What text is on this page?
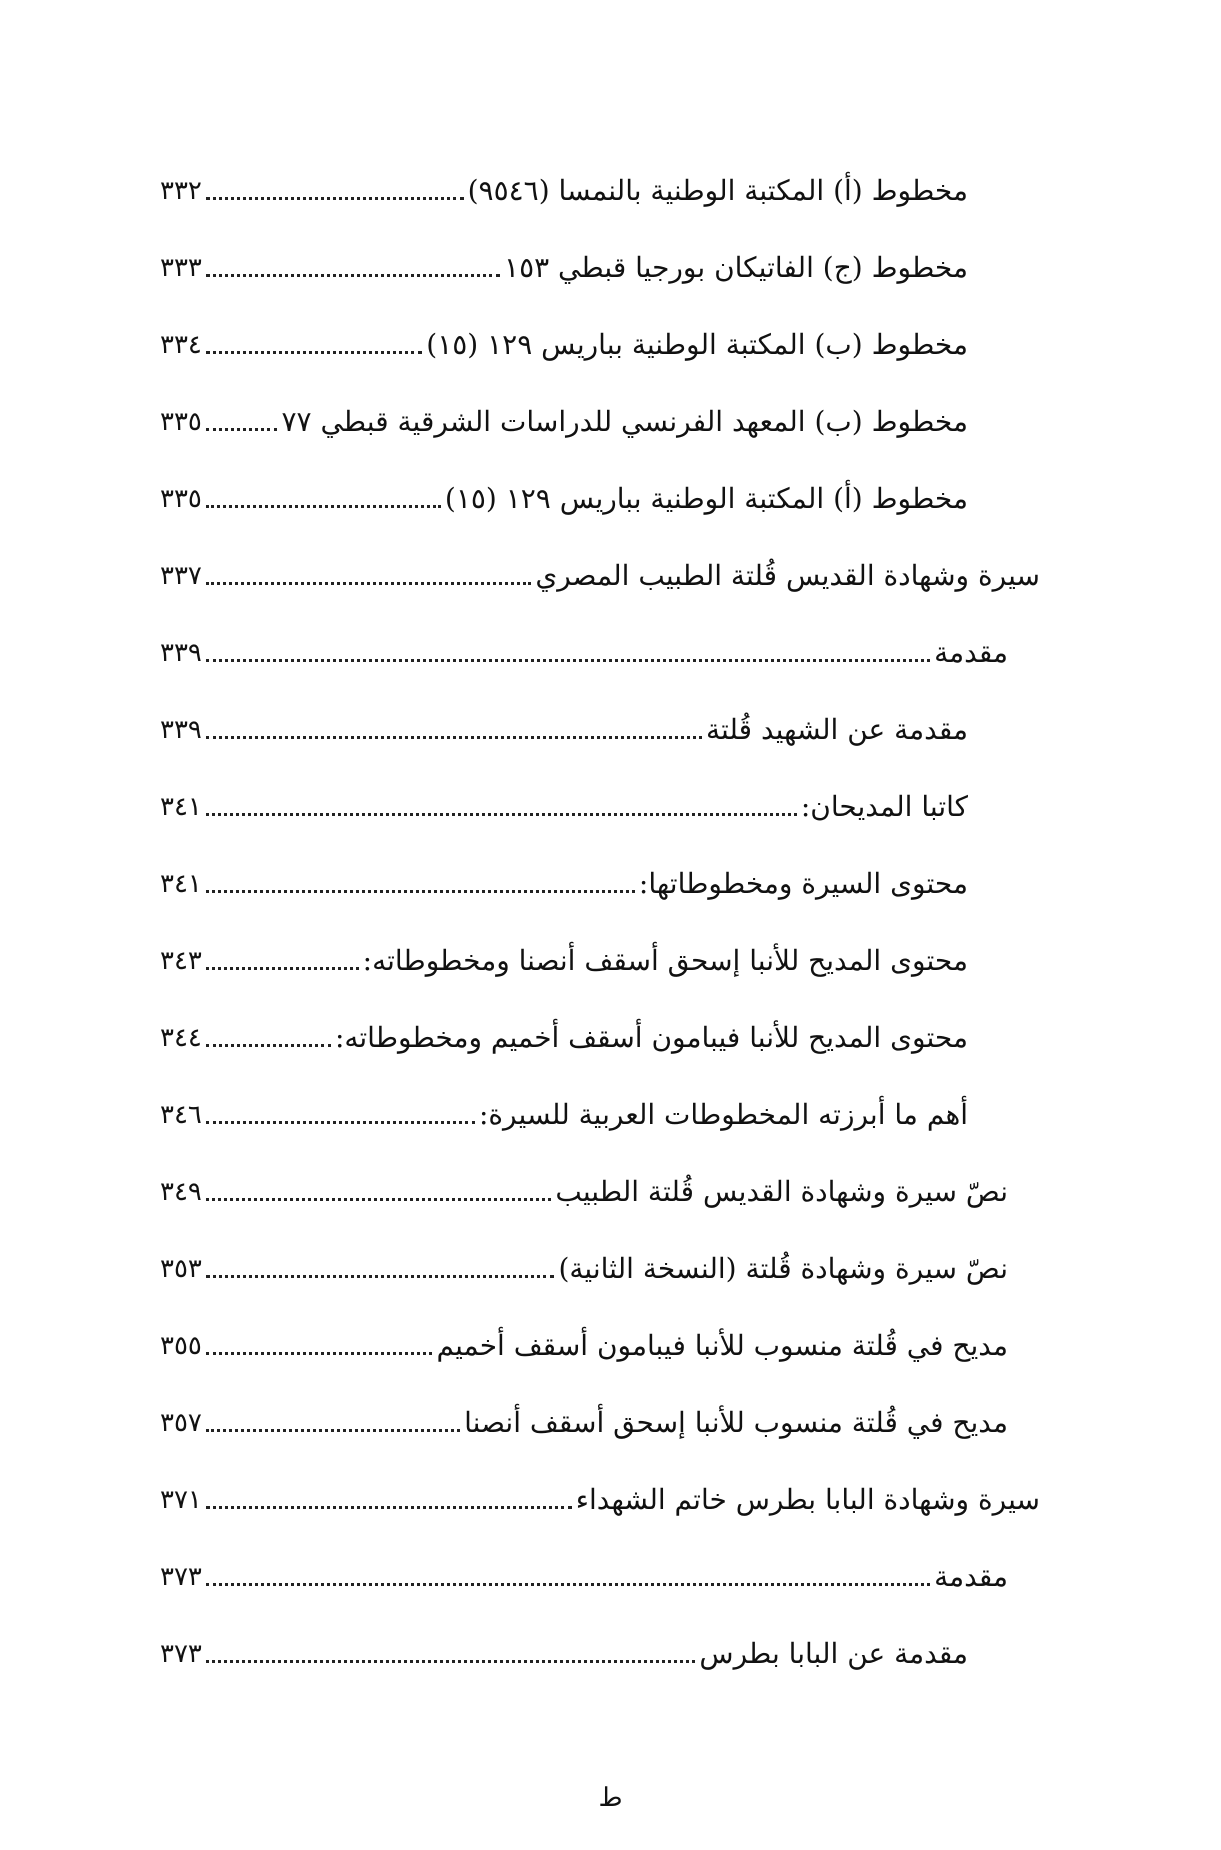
٣٣٢	مخطوط (أ) المكتبة الوطنية بالنمسا (٩٥٤٦)
٣٣٣	مخطوط (ج) الفاتيكان بورجيا قبطي ١٥٣
٣٣٤	مخطوط (ب) المكتبة الوطنية بباريس ١٢٩ (١٥)
٣٣٥	مخطوط (ب) المعهد الفرنسي للدراسات الشرقية قبطي ٧٧
٣٣٥	مخطوط (أ) المكتبة الوطنية بباريس ١٢٩ (١٥)
٣٣٧	سيرة وشهادة القديس قُلتة الطبيب المصري
٣٣٩	مقدمة
٣٣٩	مقدمة عن الشهيد قُلتة
٣٤١	كاتبا المديحان:
٣٤١	محتوى السيرة ومخطوطاتها:
٣٤٣	محتوى المديح للأنبا إسحق أسقف أنصنا ومخطوطاته:
٣٤٤	محتوى المديح للأنبا فيبامون أسقف أخميم ومخطوطاته:
٣٤٦	أهم ما أبرزته المخطوطات العربية للسيرة:
٣٤٩	نصّ سيرة وشهادة القديس قُلتة الطبيب
٣٥٣	نصّ سيرة وشهادة قُلتة (النسخة الثانية)
٣٥٥	مديح في قُلتة منسوب للأنبا فيبامون أسقف أخميم
٣٥٧	مديح في قُلتة منسوب للأنبا إسحق أسقف أنصنا
٣٧١	سيرة وشهادة البابا بطرس خاتم الشهداء
٣٧٣	مقدمة
٣٧٣	مقدمة عن البابا بطرس
ط
